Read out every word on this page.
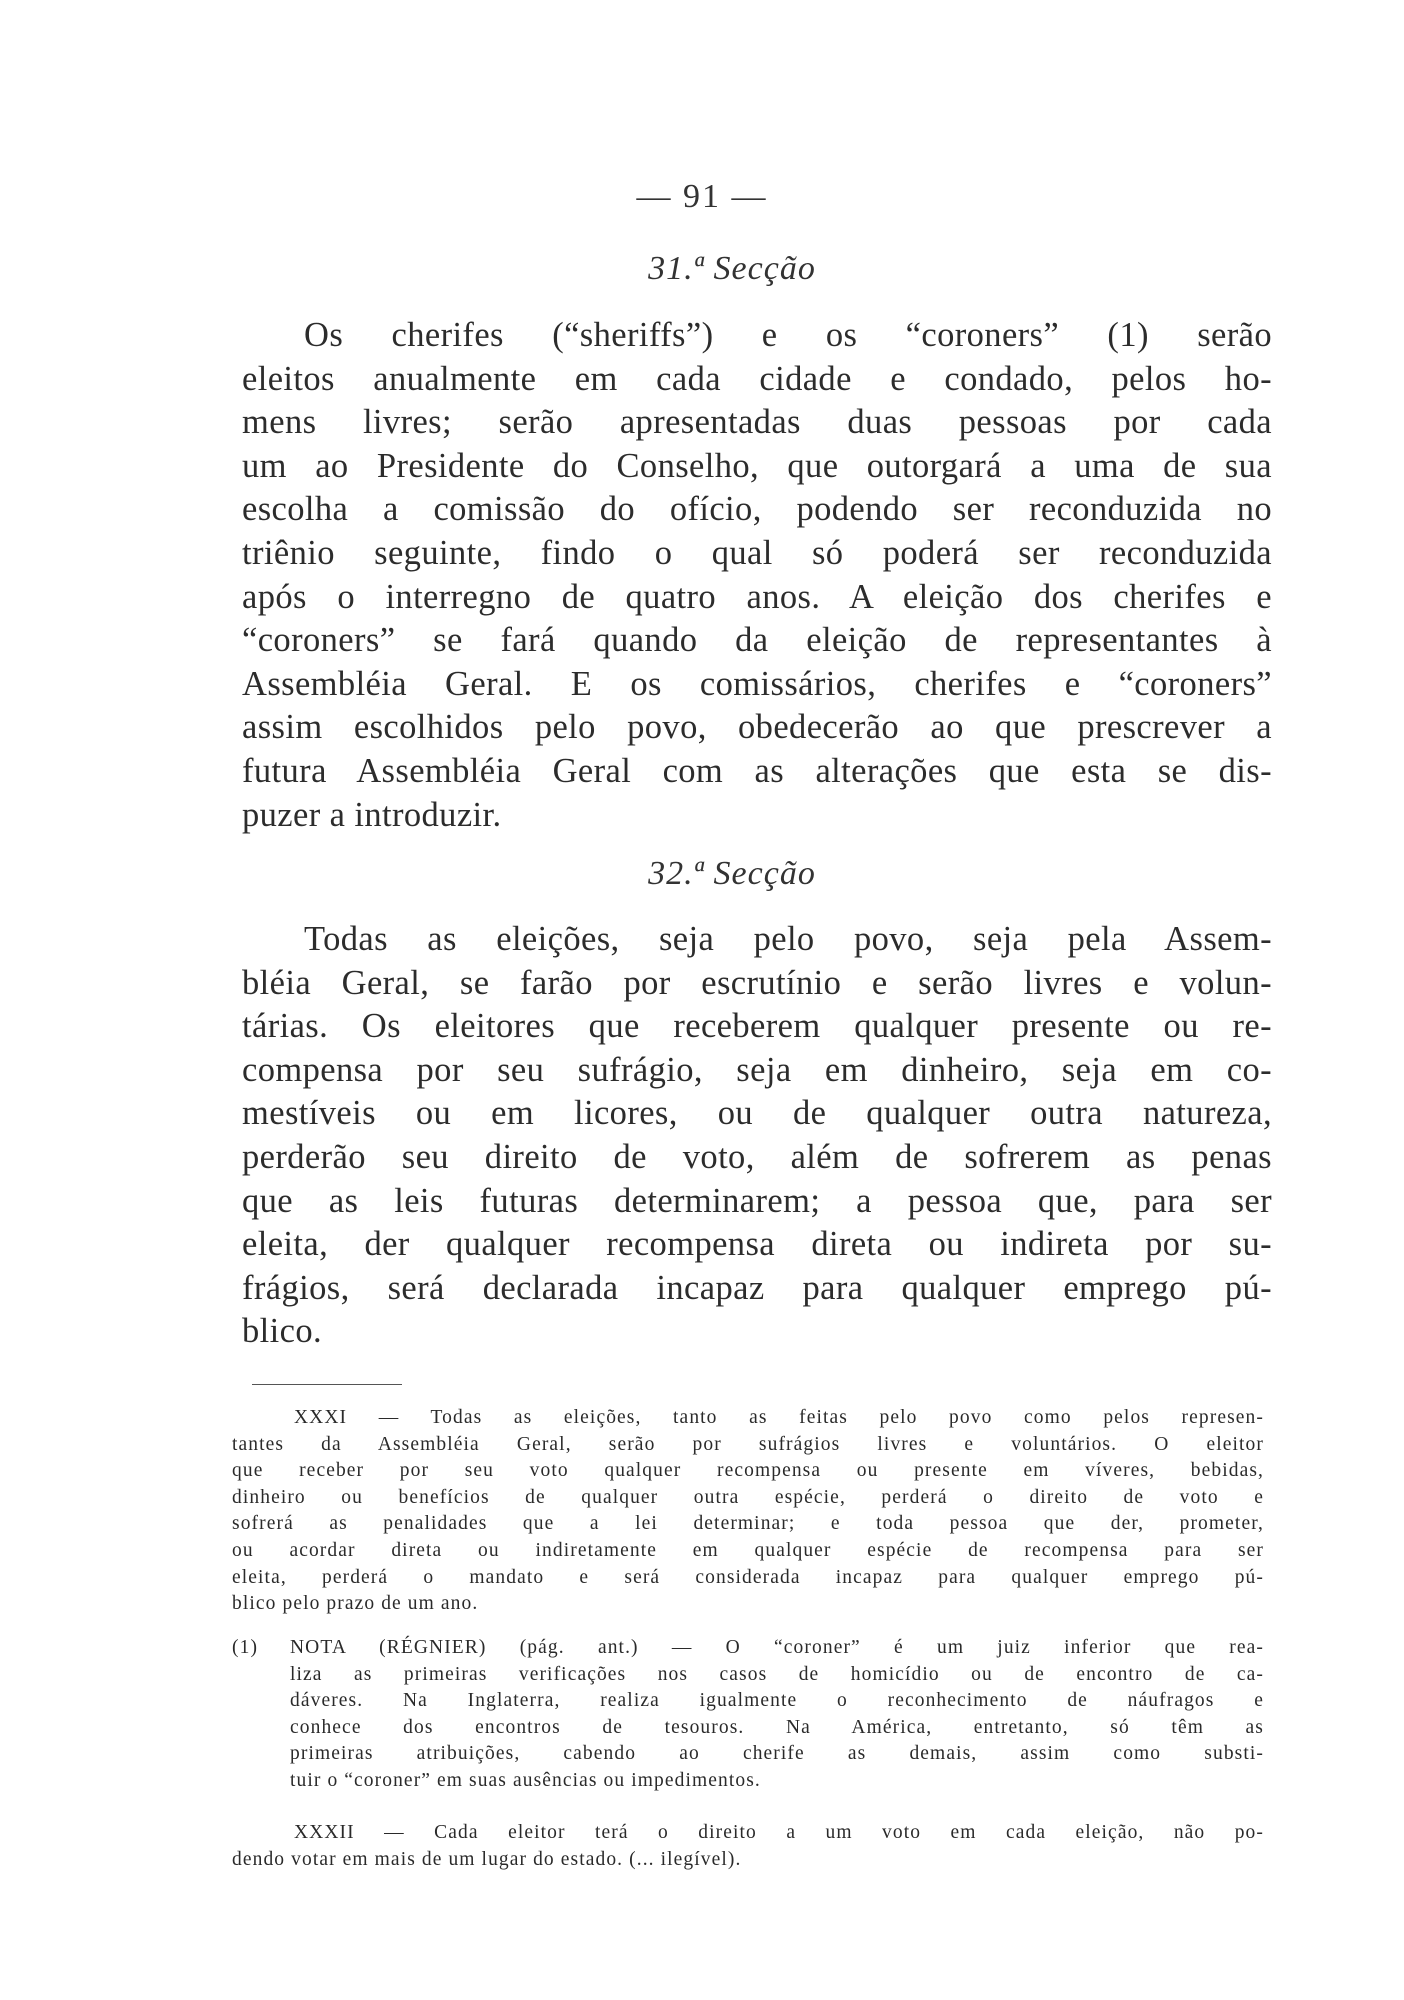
— 91 —
31.ª Secção
Os cherifes (“sheriffs”) e os “coroners” (1) serão
eleitos anualmente em cada cidade e condado, pelos ho-
mens livres; serão apresentadas duas pessoas por cada
um ao Presidente do Conselho, que outorgará a uma de sua
escolha a comissão do ofício, podendo ser reconduzida no
triênio seguinte, findo o qual só poderá ser reconduzida
após o interregno de quatro anos. A eleição dos cherifes e
“coroners” se fará quando da eleição de representantes à
Assembléia Geral. E os comissários, cherifes e “coroners”
assim escolhidos pelo povo, obedecerão ao que prescrever a
futura Assembléia Geral com as alterações que esta se dis-
puzer a introduzir.
32.ª Secção
Todas as eleições, seja pelo povo, seja pela Assem-
bléia Geral, se farão por escrutínio e serão livres e volun-
tárias. Os eleitores que receberem qualquer presente ou re-
compensa por seu sufrágio, seja em dinheiro, seja em co-
mestíveis ou em licores, ou de qualquer outra natureza,
perderão seu direito de voto, além de sofrerem as penas
que as leis futuras determinarem; a pessoa que, para ser
eleita, der qualquer recompensa direta ou indireta por su-
frágios, será declarada incapaz para qualquer emprego pú-
blico.
XXXI — Todas as eleições, tanto as feitas pelo povo como pelos represen-
tantes da Assembléia Geral, serão por sufrágios livres e voluntários. O eleitor
que receber por seu voto qualquer recompensa ou presente em víveres, bebidas,
dinheiro ou benefícios de qualquer outra espécie, perderá o direito de voto e
sofrerá as penalidades que a lei determinar; e toda pessoa que der, prometer,
ou acordar direta ou indiretamente em qualquer espécie de recompensa para ser
eleita, perderá o mandato e será considerada incapaz para qualquer emprego pú-
blico pelo prazo de um ano.
(1)	NOTA (RÉGNIER) (pág. ant.) — O “coroner” é um juiz inferior que rea-
liza as primeiras verificações nos casos de homicídio ou de encontro de ca-
dáveres. Na Inglaterra, realiza igualmente o reconhecimento de náufragos e
conhece dos encontros de tesouros. Na América, entretanto, só têm as
primeiras atribuições, cabendo ao cherife as demais, assim como substi-
tuir o “coroner” em suas ausências ou impedimentos.
XXXII — Cada eleitor terá o direito a um voto em cada eleição, não po-
dendo votar em mais de um lugar do estado. (... ilegível).
